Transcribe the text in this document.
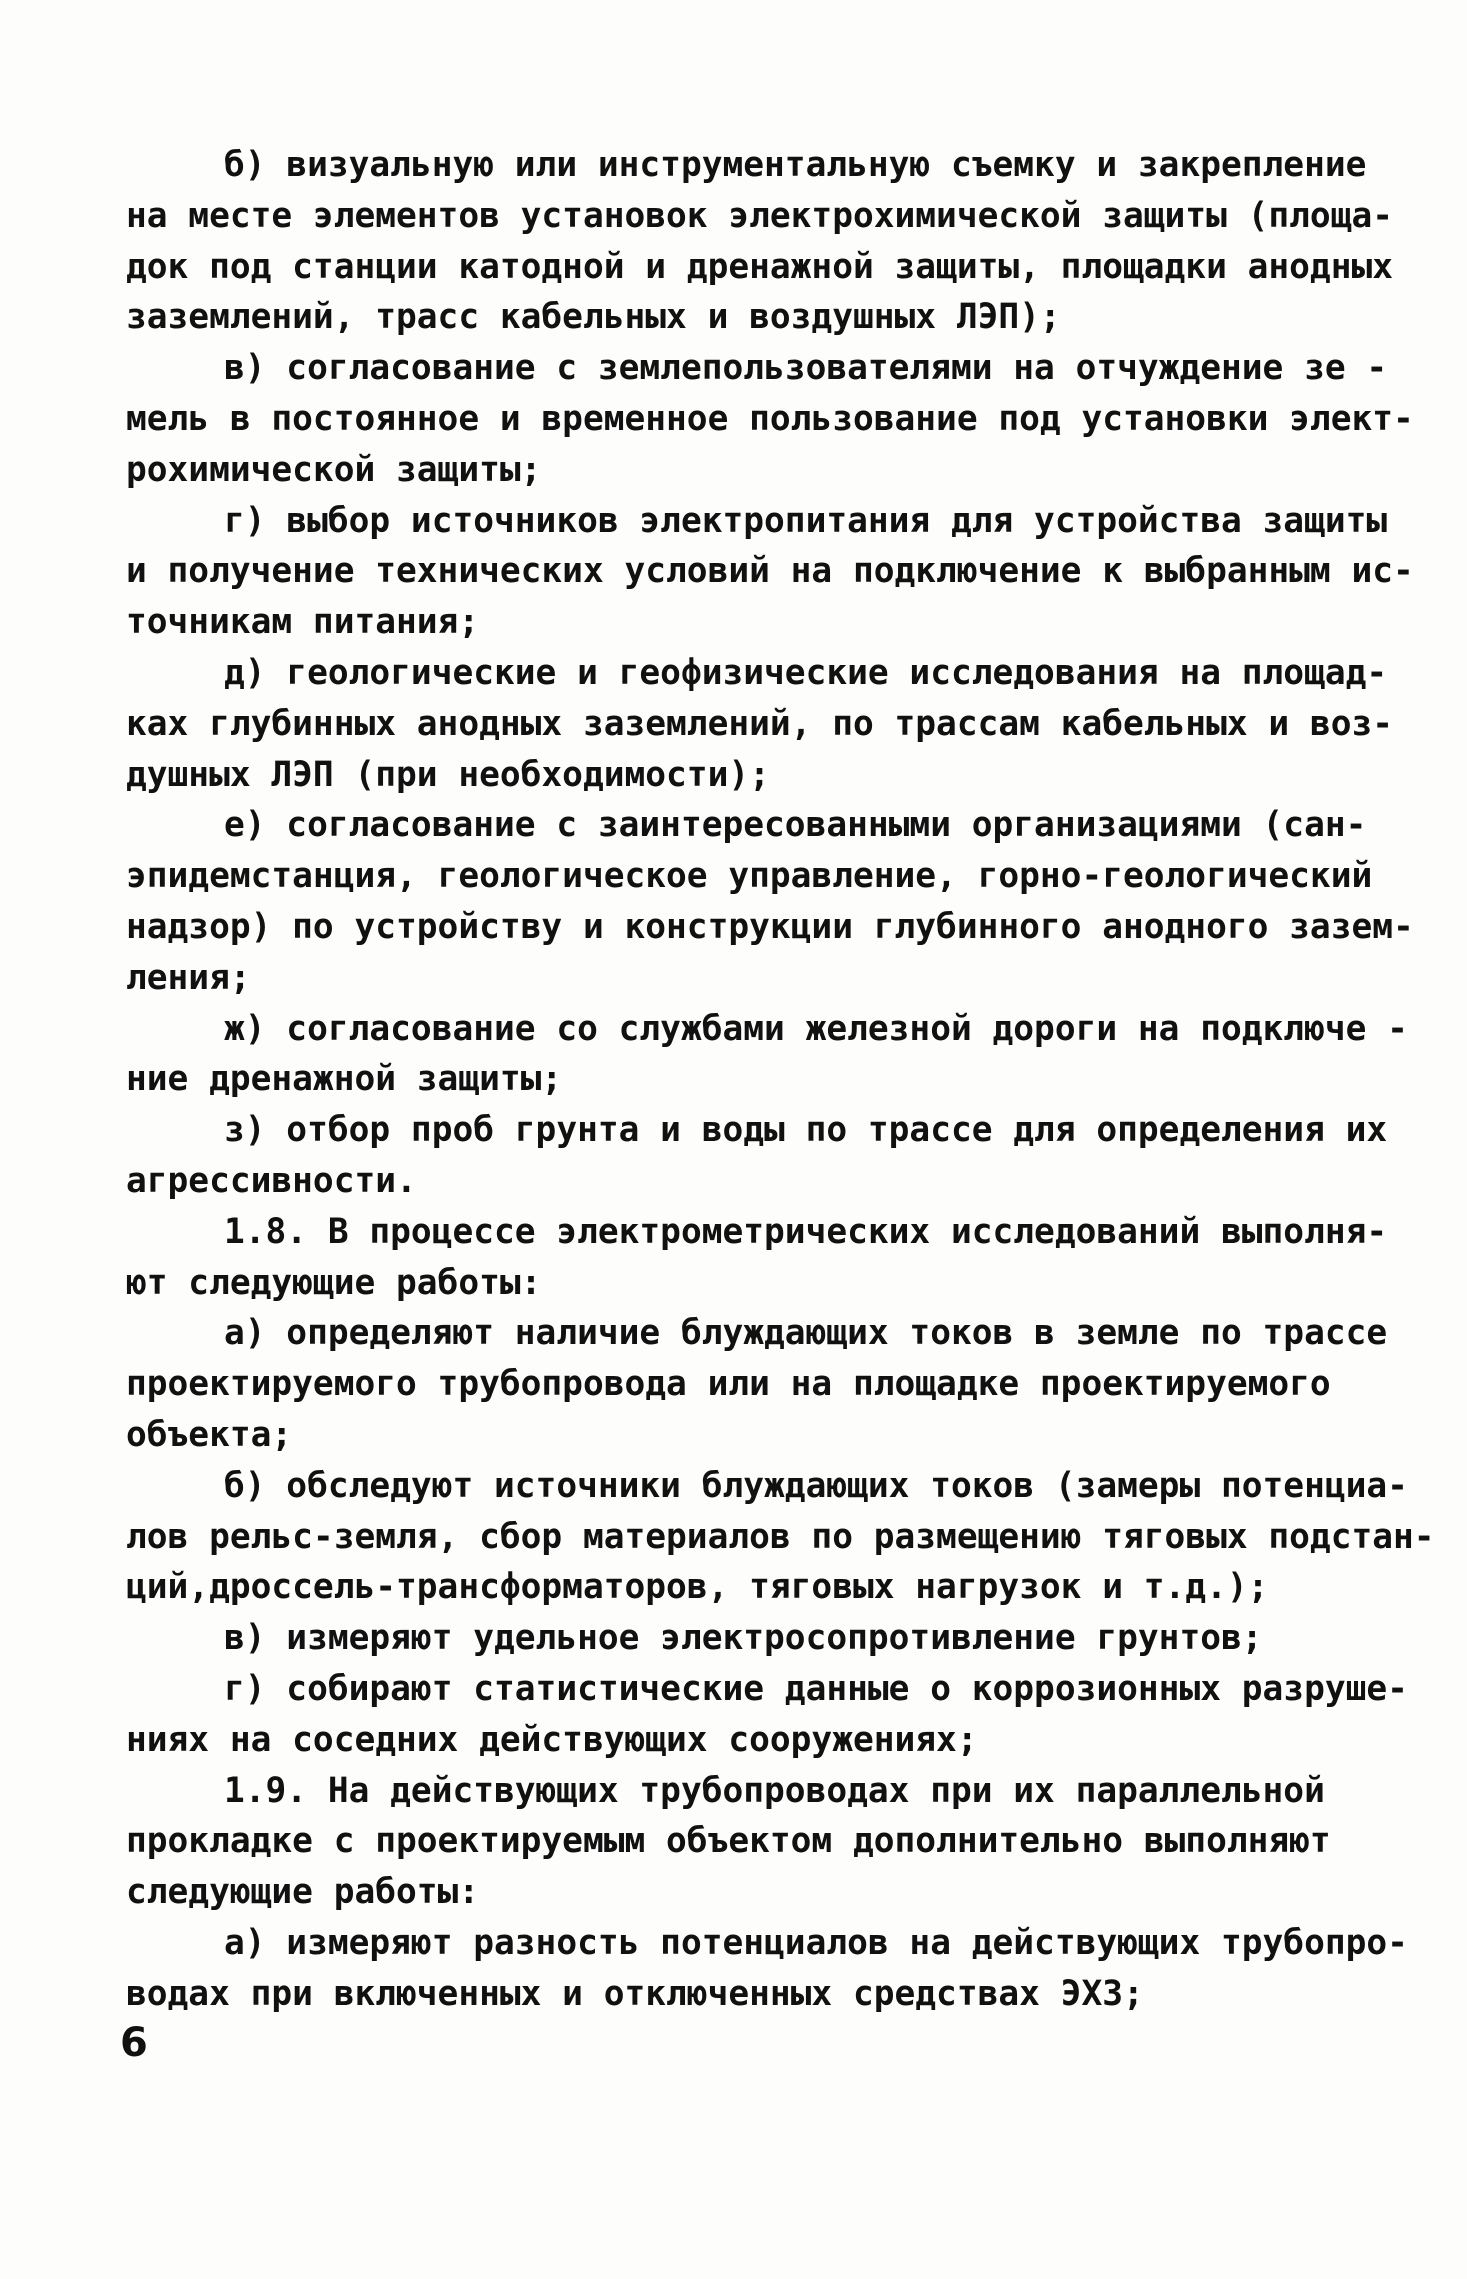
б) визуальную или инструментальную съемку и закрепление
на месте элементов установок электрохимической защиты (площа-
док под станции катодной и дренажной защиты, площадки анодных
заземлений, трасс кабельных и воздушных ЛЭП);
в) согласование с землепользователями на отчуждение зе -
мель в постоянное и временное пользование под установки элект-
рохимической защиты;
г) выбор источников электропитания для устройства защиты
и получение технических условий на подключение к выбранным ис-
точникам питания;
д) геологические и геофизические исследования на площад-
ках глубинных анодных заземлений, по трассам кабельных и воз-
душных ЛЭП (при необходимости);
е) согласование с заинтересованными организациями (сан-
эпидемстанция, геологическое управление, горно-геологический
надзор) по устройству и конструкции глубинного анодного зазем-
ления;
ж) согласование со службами железной дороги на подключе -
ние дренажной защиты;
з) отбор проб грунта и воды по трассе для определения их
агрессивности.
1.8. В процессе электрометрических исследований выполня-
ют следующие работы:
а) определяют наличие блуждающих токов в земле по трассе
проектируемого трубопровода или на площадке проектируемого
объекта;
б) обследуют источники блуждающих токов (замеры потенциа-
лов рельс-земля, сбор материалов по размещению тяговых подстан-
ций,дроссель-трансформаторов, тяговых нагрузок и т.д.);
в) измеряют удельное электросопротивление грунтов;
г) собирают статистические данные о коррозионных разруше-
ниях на соседних действующих сооружениях;
1.9. На действующих трубопроводах при их параллельной
прокладке с проектируемым объектом дополнительно выполняют
следующие работы:
а) измеряют разность потенциалов на действующих трубопро-
водах при включенных и отключенных средствах ЭХЗ;
6
